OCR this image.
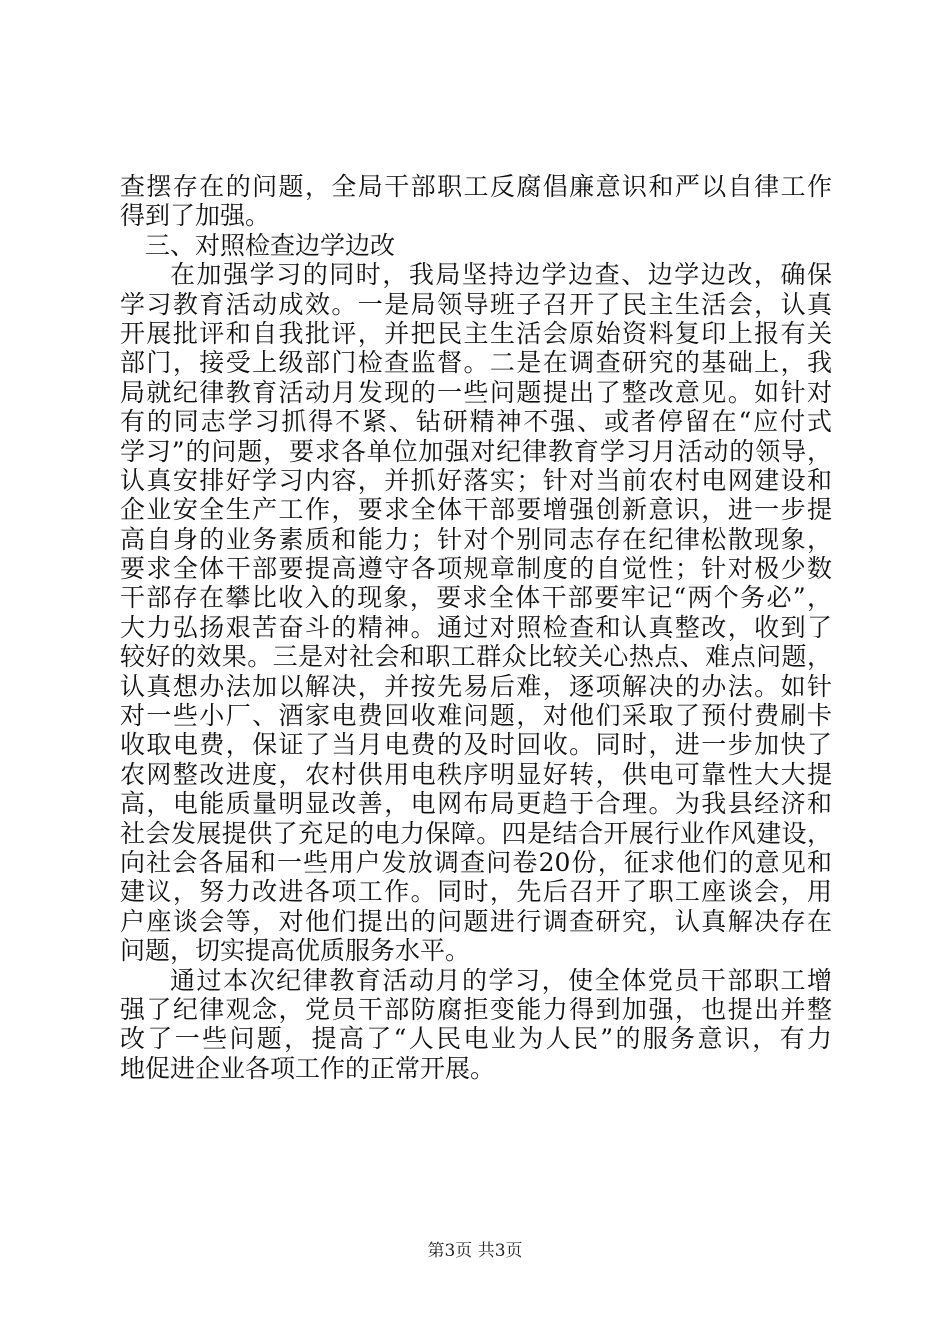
查摆存在的问题，全局干部职工反腐倡廉意识和严以自律工作
得到了加强。
三、对照检查边学边改
在加强学习的同时，我局坚持边学边查、边学边改，确保
学习教育活动成效。一是局领导班子召开了民主生活会，认真
开展批评和自我批评，并把民主生活会原始资料复印上报有关
部门，接受上级部门检查监督。二是在调查研究的基础上，我
局就纪律教育活动月发现的一些问题提出了整改意见。如针对
有的同志学习抓得不紧、钻研精神不强、或者停留在“应付式
学习”的问题，要求各单位加强对纪律教育学习月活动的领导，
认真安排好学习内容，并抓好落实；针对当前农村电网建设和
企业安全生产工作，要求全体干部要增强创新意识，进一步提
高自身的业务素质和能力；针对个别同志存在纪律松散现象，
要求全体干部要提高遵守各项规章制度的自觉性；针对极少数
干部存在攀比收入的现象，要求全体干部要牢记“两个务必”，
大力弘扬艰苦奋斗的精神。通过对照检查和认真整改，收到了
较好的效果。三是对社会和职工群众比较关心热点、难点问题，
认真想办法加以解决，并按先易后难，逐项解决的办法。如针
对一些小厂、酒家电费回收难问题，对他们采取了预付费刷卡
收取电费，保证了当月电费的及时回收。同时，进一步加快了
农网整改进度，农村供用电秩序明显好转，供电可靠性大大提
高，电能质量明显改善，电网布局更趋于合理。为我县经济和
社会发展提供了充足的电力保障。四是结合开展行业作风建设，
向社会各届和一些用户发放调查问卷20份，征求他们的意见和
建议，努力改进各项工作。同时，先后召开了职工座谈会，用
户座谈会等，对他们提出的问题进行调查研究，认真解决存在
问题，切实提高优质服务水平。
通过本次纪律教育活动月的学习，使全体党员干部职工增
强了纪律观念，党员干部防腐拒变能力得到加强，也提出并整
改了一些问题，提高了“人民电业为人民”的服务意识，有力
地促进企业各项工作的正常开展。
第3页 共3页
